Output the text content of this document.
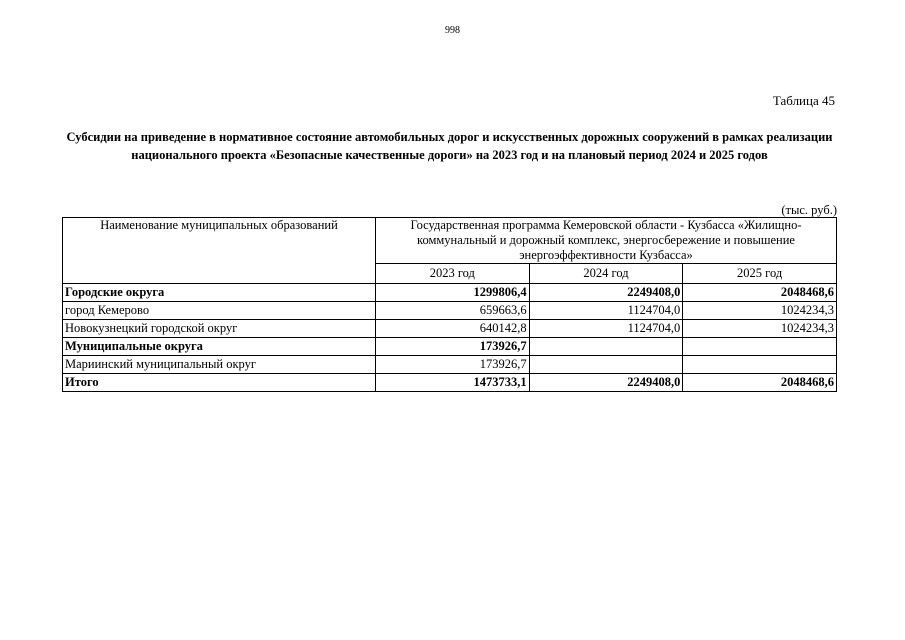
998
Таблица 45
Субсидии на приведение в нормативное состояние автомобильных дорог и искусственных дорожных сооружений в рамках реализации национального проекта «Безопасные качественные дороги» на 2023 год и на плановый период 2024 и 2025 годов
(тыс. руб.)
Наименование муниципальных образований	Государственная программа Кемеровской области - Кузбасса «Жилищно-коммунальный и дорожный комплекс, энергосбережение и повышение энергоэффективности Кузбасса»		
	2023 год	2024 год	2025 год
Городские округа	1299806,4	2249408,0	2048468,6
город Кемерово	659663,6	1124704,0	1024234,3
Новокузнецкий городской округ	640142,8	1124704,0	1024234,3
Муниципальные округа	173926,7		
Мариинский муниципальный округ	173926,7		
Итого	1473733,1	2249408,0	2048468,6
